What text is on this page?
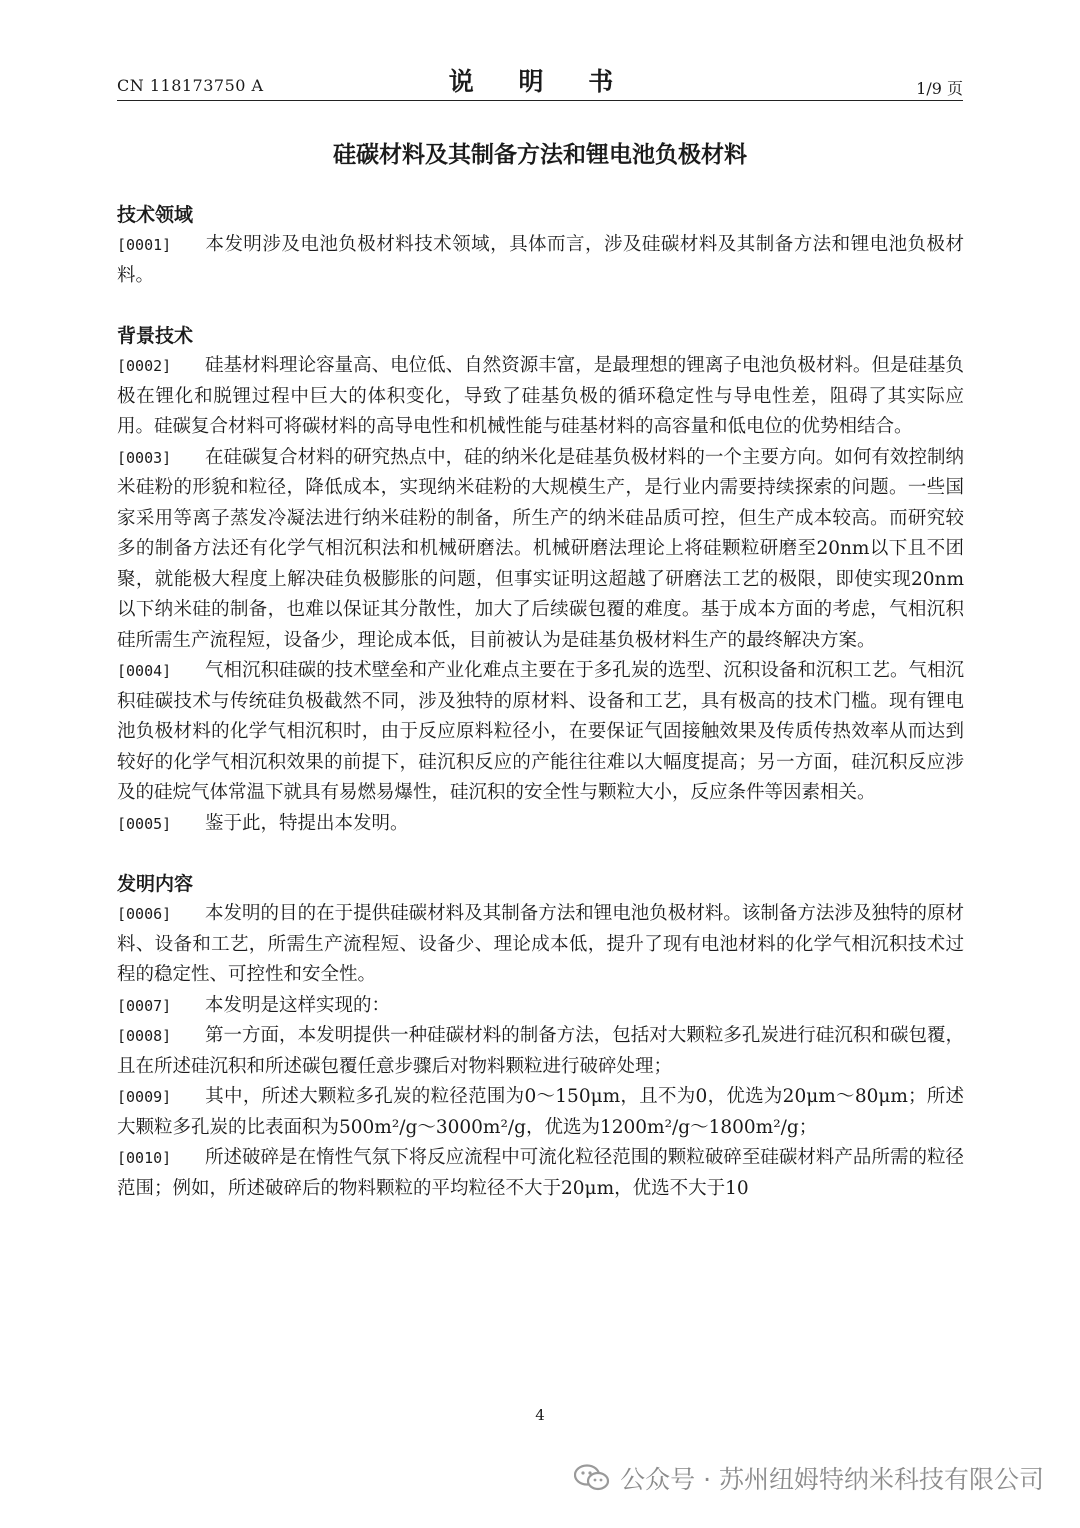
CN 118173750 A	说 明 书	1/9 页
硅碳材料及其制备方法和锂电池负极材料
技术领域

[0001] 本发明涉及电池负极材料技术领域，具体而言，涉及硅碳材料及其制备方法和锂电池负极材料。

背景技术

[0002] 硅基材料理论容量高、电位低、自然资源丰富，是最理想的锂离子电池负极材料。但是硅基负极在锂化和脱锂过程中巨大的体积变化，导致了硅基负极的循环稳定性与导电性差，阻碍了其实际应用。硅碳复合材料可将碳材料的高导电性和机械性能与硅基材料的高容量和低电位的优势相结合。

[0003] 在硅碳复合材料的研究热点中，硅的纳米化是硅基负极材料的一个主要方向。如何有效控制纳米硅粉的形貌和粒径，降低成本，实现纳米硅粉的大规模生产，是行业内需要持续探索的问题。一些国家采用等离子蒸发冷凝法进行纳米硅粉的制备，所生产的纳米硅品质可控，但生产成本较高。而研究较多的制备方法还有化学气相沉积法和机械研磨法。机械研磨法理论上将硅颗粒研磨至20nm以下且不团聚，就能极大程度上解决硅负极膨胀的问题，但事实证明这超越了研磨法工艺的极限，即使实现20nm以下纳米硅的制备，也难以保证其分散性，加大了后续碳包覆的难度。基于成本方面的考虑，气相沉积硅所需生产流程短，设备少，理论成本低，目前被认为是硅基负极材料生产的最终解决方案。

[0004] 气相沉积硅碳的技术壁垒和产业化难点主要在于多孔炭的选型、沉积设备和沉积工艺。气相沉积硅碳技术与传统硅负极截然不同，涉及独特的原材料、设备和工艺，具有极高的技术门槛。现有锂电池负极材料的化学气相沉积时，由于反应原料粒径小，在要保证气固接触效果及传质传热效率从而达到较好的化学气相沉积效果的前提下，硅沉积反应的产能往往难以大幅度提高；另一方面，硅沉积反应涉及的硅烷气体常温下就具有易燃易爆性，硅沉积的安全性与颗粒大小，反应条件等因素相关。

[0005] 鉴于此，特提出本发明。

发明内容

[0006] 本发明的目的在于提供硅碳材料及其制备方法和锂电池负极材料。该制备方法涉及独特的原材料、设备和工艺，所需生产流程短、设备少、理论成本低，提升了现有电池材料的化学气相沉积技术过程的稳定性、可控性和安全性。

[0007] 本发明是这样实现的：

[0008] 第一方面，本发明提供一种硅碳材料的制备方法，包括对大颗粒多孔炭进行硅沉积和碳包覆，且在所述硅沉积和所述碳包覆任意步骤后对物料颗粒进行破碎处理；

[0009] 其中，所述大颗粒多孔炭的粒径范围为0～150μm，且不为0，优选为20μm～80μm；所述大颗粒多孔炭的比表面积为500m²/g～3000m²/g，优选为1200m²/g～1800m²/g；

[0010] 所述破碎是在惰性气氛下将反应流程中可流化粒径范围的颗粒破碎至硅碳材料产品所需的粒径范围；例如，所述破碎后的物料颗粒的平均粒径不大于20μm，优选不大于10

4
公众号 · 苏州纽姆特纳米科技有限公司
